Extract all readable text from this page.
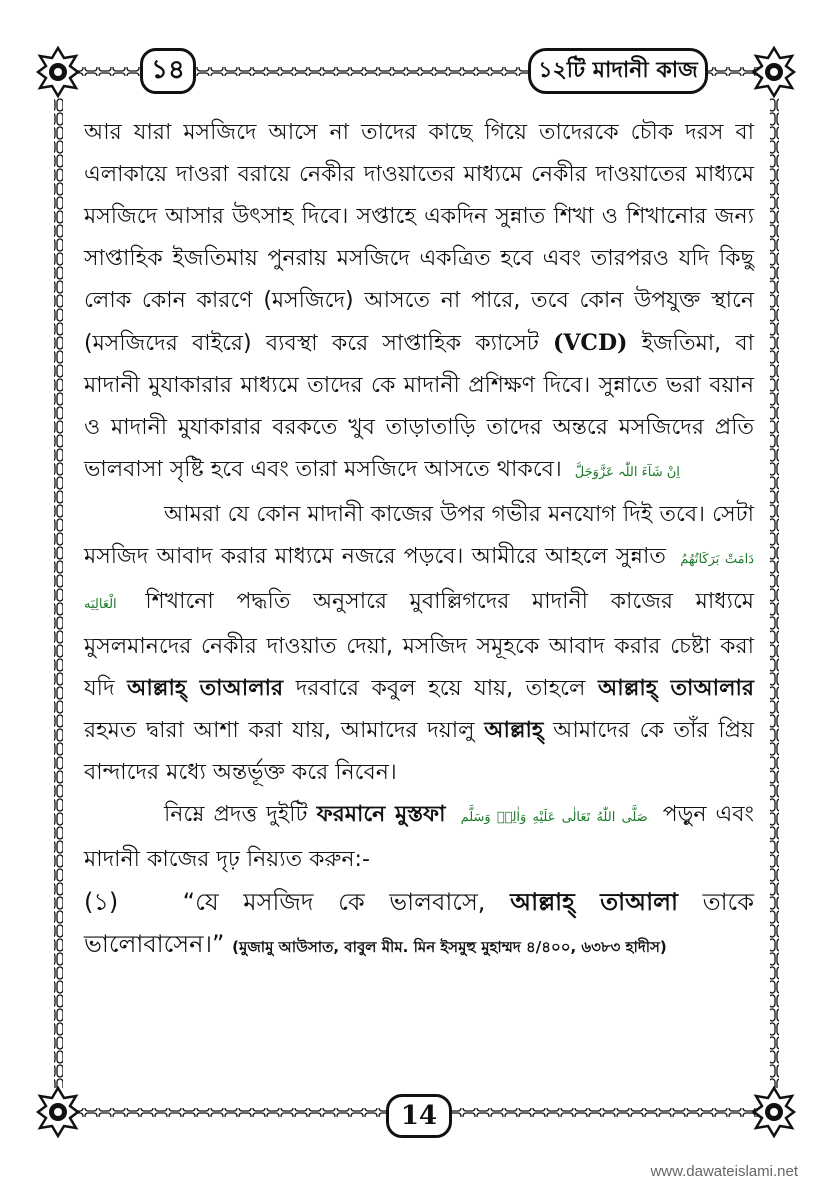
১৪	১২টি মাদানী কাজ

আর যারা মসজিদে আসে না তাদের কাছে গিয়ে তাদেরকে চৌক দরস বা এলাকায়ে দাওরা বরায়ে নেকীর দাওয়াতের মাধ্যমে নেকীর দাওয়াতের মাধ্যমে মসজিদে আসার উৎসাহ দিবে। সপ্তাহে একদিন সুন্নাত শিখা ও শিখানোর জন্য সাপ্তাহিক ইজতিমায় পুনরায় মসজিদে একত্রিত হবে এবং তারপরও যদি কিছু লোক কোন কারণে (মসজিদে) আসতে না পারে, তবে কোন উপযুক্ত স্থানে (মসজিদের বাইরে) ব্যবস্থা করে সাপ্তাহিক ক্যাসেট (VCD) ইজতিমা, বা মাদানী মুযাকারার মাধ্যমে তাদের কে মাদানী প্রশিক্ষণ দিবে। সুন্নাতে ভরা বয়ান ও মাদানী মুযাকারার বরকতে খুব তাড়াতাড়ি তাদের অন্তরে মসজিদের প্রতি ভালবাসা সৃষ্টি হবে এবং তারা মসজিদে আসতে থাকবে। اِنْ شَآءَ اللّٰہ عَزَّوَجَلَّ

আমরা যে কোন মাদানী কাজের উপর গভীর মনযোগ দিই তবে। সেটা মসজিদ আবাদ করার মাধ্যমে নজরে পড়বে। আমীরে আহলে সুন্নাত دَامَتْ بَرَكَاتُهُمُ الْعَالِيَه শিখানো পদ্ধতি অনুসারে মুবাল্লিগদের মাদানী কাজের মাধ্যমে মুসলমানদের নেকীর দাওয়াত দেয়া, মসজিদ সমূহকে আবাদ করার চেষ্টা করা যদি আল্লাহ্ তাআলার দরবারে কবুল হয়ে যায়, তাহলে আল্লাহ্ তাআলার রহমত দ্বারা আশা করা যায়, আমাদের দয়ালু আল্লাহ্ আমাদের কে তাঁর প্রিয় বান্দাদের মধ্যে অন্তর্ভূক্ত করে নিবেন।

নিম্নে প্রদত্ত দুইটি ফরমানে মুস্তফা صَلَّى اللّٰهُ تَعَالٰى عَلَيْهِ وَاٰلِهٖ وَسَلَّم পড়ুন এবং মাদানী কাজের দৃঢ় নিয়্যত করুন:-

(১)	“যে মসজিদ কে ভালবাসে, আল্লাহ্ তাআলা তাকে ভালোবাসেন।” (মুজামু আউসাত, বাবুল মীম. মিন ইসমুহু মুহাম্মদ ৪/৪০০, ৬৩৮৩ হাদীস)

14
www.dawateislami.net
